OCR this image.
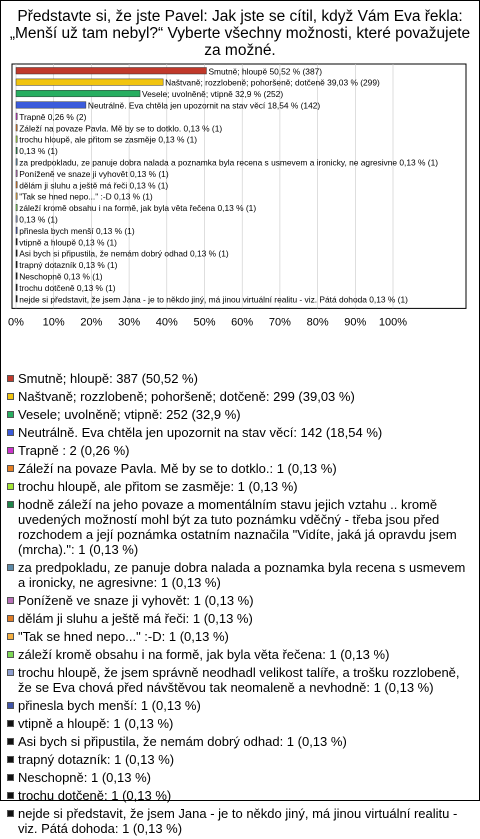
Představte si, že jste Pavel: Jak jste se cítil, když Vám Eva řekla: „Menší už tam nebyl?“ Vyberte všechny možnosti, které považujete za možné.
0% 10% 20% 30% 40% 50% 60% 70% 80% 90% 100%
Smutně; hloupě 50,52 % (387)
Naštvaně; rozzlobeně; pohoršeně; dotčeně 39,03 % (299)
Vesele; uvolněně; vtipně 32,9 % (252)
Neutrálně. Eva chtěla jen upozornit na stav věcí 18,54 % (142)
Trapně 0,26 % (2)
Záleží na povaze Pavla. Mě by se to dotklo. 0,13 % (1)
trochu hloupě, ale přitom se zasměje 0,13 % (1)
0,13 % (1)
za predpokladu, ze panuje dobra nalada a poznamka byla recena s usmevem a ironicky, ne agresivne 0,13 % (1)
Poníženě ve snaze ji vyhovět 0,13 % (1)
dělám ji sluhu a ještě má řeči 0,13 % (1)
"Tak se hned nepo..." :-D 0,13 % (1)
záleží kromě obsahu i na formě, jak byla věta řečena 0,13 % (1)
0,13 % (1)
přinesla bych menší 0,13 % (1)
vtipně a hloupě 0,13 % (1)
Asi bych si připustila, že nemám dobrý odhad 0,13 % (1)
trapný dotazník 0,13 % (1)
Neschopně 0,13 % (1)
trochu dotčeně 0,13 % (1)
nejde si představit, že jsem Jana - je to někdo jiný, má jinou virtuální realitu - viz. Pátá dohoda 0,13 % (1)
Smutně; hloupě: 387 (50,52 %)
Naštvaně; rozzlobeně; pohoršeně; dotčeně: 299 (39,03 %)
Vesele; uvolněně; vtipně: 252 (32,9 %)
Neutrálně. Eva chtěla jen upozornit na stav věcí: 142 (18,54 %)
Trapně : 2 (0,26 %)
Záleží na povaze Pavla. Mě by se to dotklo.: 1 (0,13 %)
trochu hloupě, ale přitom se zasměje: 1 (0,13 %)
hodně záleží na jeho povaze a momentálním stavu jejich vztahu .. kromě uvedených možností mohl být za tuto poznámku vděčný - třeba jsou před rozchodem a její poznámka ostatním naznačila "Vidíte, jaká já opravdu jsem (mrcha).": 1 (0,13 %)
za predpokladu, ze panuje dobra nalada a poznamka byla recena s usmevem a ironicky, ne agresivne: 1 (0,13 %)
Poníženě ve snaze ji vyhovět: 1 (0,13 %)
dělám ji sluhu a ještě má řeči: 1 (0,13 %)
"Tak se hned nepo..." :-D: 1 (0,13 %)
záleží kromě obsahu i na formě, jak byla věta řečena: 1 (0,13 %)
trochu hloupě, že jsem správně neodhadl velikost talíře, a trošku rozzlobeně, že se Eva chová před návštěvou tak neomaleně a nevhodně: 1 (0,13 %)
přinesla bych menší: 1 (0,13 %)
vtipně a hloupě: 1 (0,13 %)
Asi bych si připustila, že nemám dobrý odhad: 1 (0,13 %)
trapný dotazník: 1 (0,13 %)
Neschopně: 1 (0,13 %)
trochu dotčeně: 1 (0,13 %)
nejde si představit, že jsem Jana - je to někdo jiný, má jinou virtuální realitu - viz. Pátá dohoda: 1 (0,13 %)
